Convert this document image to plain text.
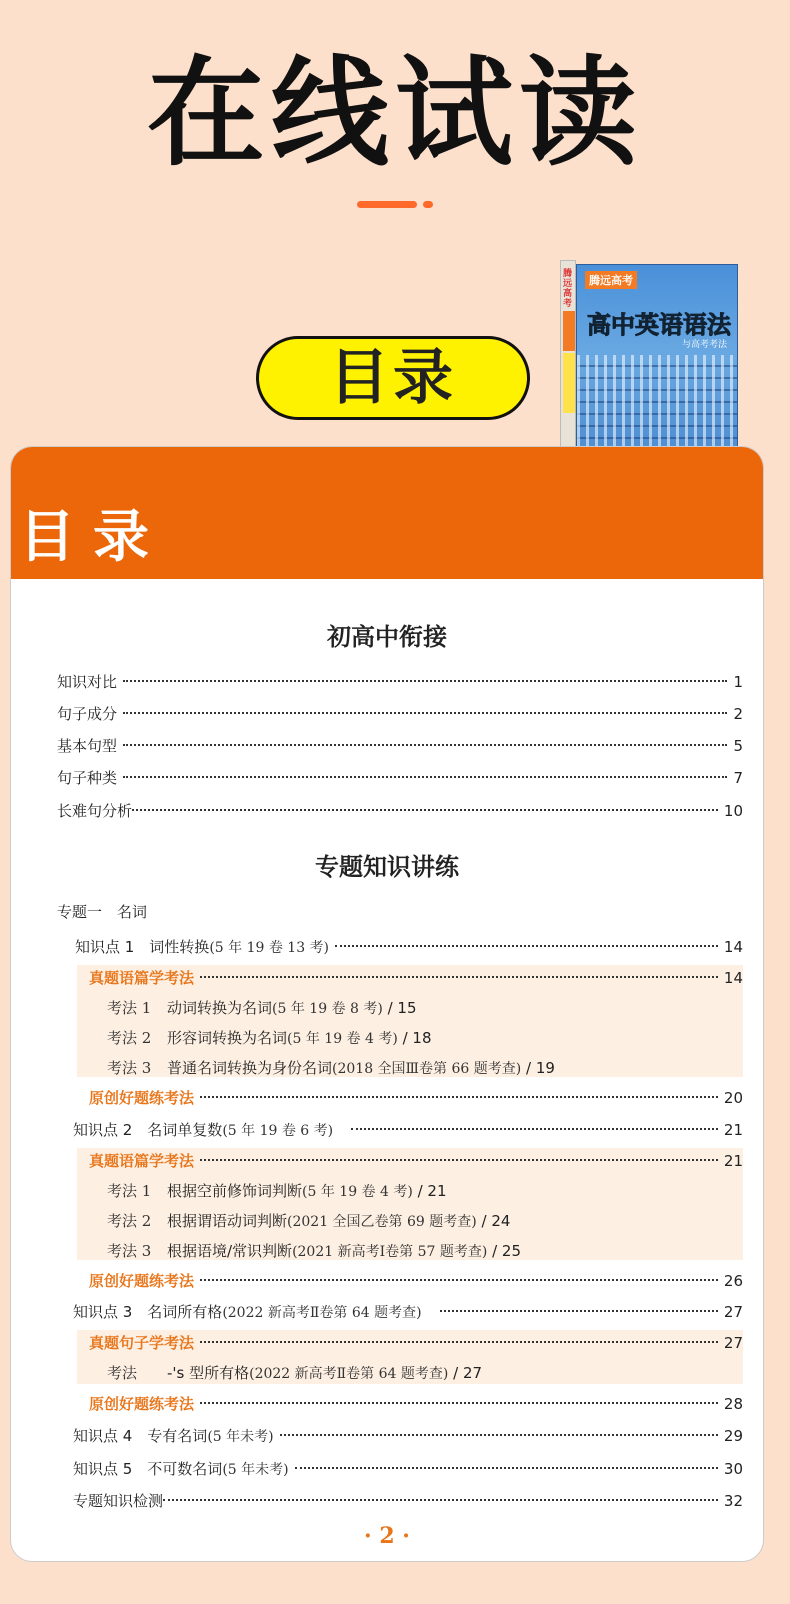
在线试读
目录
腾远高考
腾远高考
高中英语语法
与高考考法
目录
初高中衔接
知识对比	1
句子成分	2
基本句型	5
句子种类	7
长难句分析	10
专题知识讲练
专题一　名词
知识点 1　词性转换 (5 年 19 卷 13 考)	14
真题语篇学考法	14
考法 1 动词转换为名词(5 年 19 卷 8 考) / 15
考法 2 形容词转换为名词(5 年 19 卷 4 考) / 18
考法 3 普通名词转换为身份名词(2018 全国Ⅲ卷第 66 题考查) / 19
原创好题练考法	20
知识点 2　名词单复数 (5 年 19 卷 6 考)	21
真题语篇学考法	21
考法 1 根据空前修饰词判断(5 年 19 卷 4 考) / 21
考法 2 根据谓语动词判断(2021 全国乙卷第 69 题考查) / 24
考法 3 根据语境/常识判断(2021 新高考Ⅰ卷第 57 题考查) / 25
原创好题练考法	26
知识点 3　名词所有格 (2022 新高考Ⅱ卷第 64 题考查)	27
真题句子学考法	27
考法 -'s 型所有格(2022 新高考Ⅱ卷第 64 题考查) / 27
原创好题练考法	28
知识点 4　专有名词 (5 年未考)	29
知识点 5　不可数名词 (5 年未考)	30
专题知识检测	32
· 2 ·
